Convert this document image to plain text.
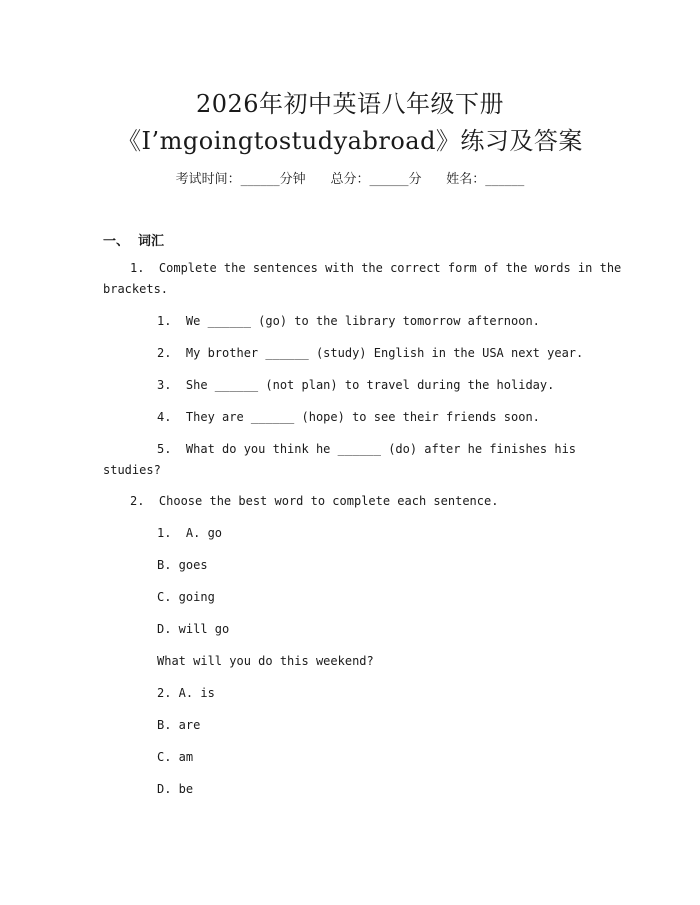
2026年初中英语八年级下册
《I’mgoingtostudyabroad》练习及答案
考试时间：______分钟 总分：______分 姓名：______
一、  词汇
1.  Complete the sentences with the correct form of the words in the
brackets.
1.  We ______ (go) to the library tomorrow afternoon.
2.  My brother ______ (study) English in the USA next year.
3.  She ______ (not plan) to travel during the holiday.
4.  They are ______ (hope) to see their friends soon.
5.  What do you think he ______ (do) after he finishes his
studies?
2.  Choose the best word to complete each sentence.
1.  A. go
B. goes
C. going
D. will go
What will you do this weekend?
2. A. is
B. are
C. am
D. be
